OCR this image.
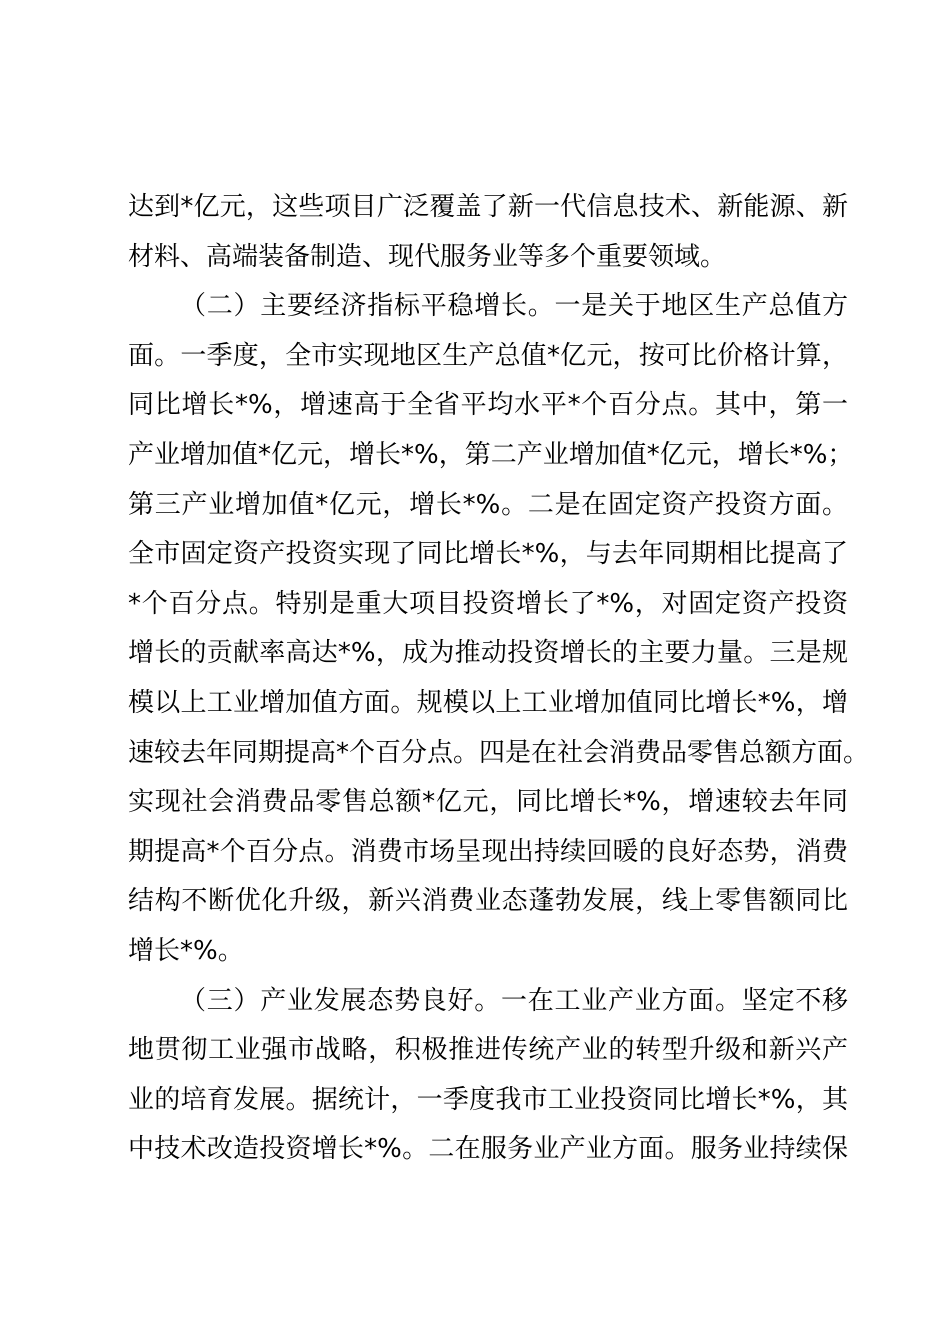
达到*亿元，这些项目广泛覆盖了新一代信息技术、新能源、新
材料、高端装备制造、现代服务业等多个重要领域。
（二）主要经济指标平稳增长。一是关于地区生产总值方
面。一季度，全市实现地区生产总值*亿元，按可比价格计算，
同比增长*%，增速高于全省平均水平*个百分点。其中，第一
产业增加值*亿元，增长*%，第二产业增加值*亿元，增长*%；
第三产业增加值*亿元，增长*%。二是在固定资产投资方面。
全市固定资产投资实现了同比增长*%，与去年同期相比提高了
*个百分点。特别是重大项目投资增长了*%，对固定资产投资
增长的贡献率高达*%，成为推动投资增长的主要力量。三是规
模以上工业增加值方面。规模以上工业增加值同比增长*%，增
速较去年同期提高*个百分点。四是在社会消费品零售总额方面。
实现社会消费品零售总额*亿元，同比增长*%，增速较去年同
期提高*个百分点。消费市场呈现出持续回暖的良好态势，消费
结构不断优化升级，新兴消费业态蓬勃发展，线上零售额同比
增长*%。
（三）产业发展态势良好。一在工业产业方面。坚定不移
地贯彻工业强市战略，积极推进传统产业的转型升级和新兴产
业的培育发展。据统计，一季度我市工业投资同比增长*%，其
中技术改造投资增长*%。二在服务业产业方面。服务业持续保
